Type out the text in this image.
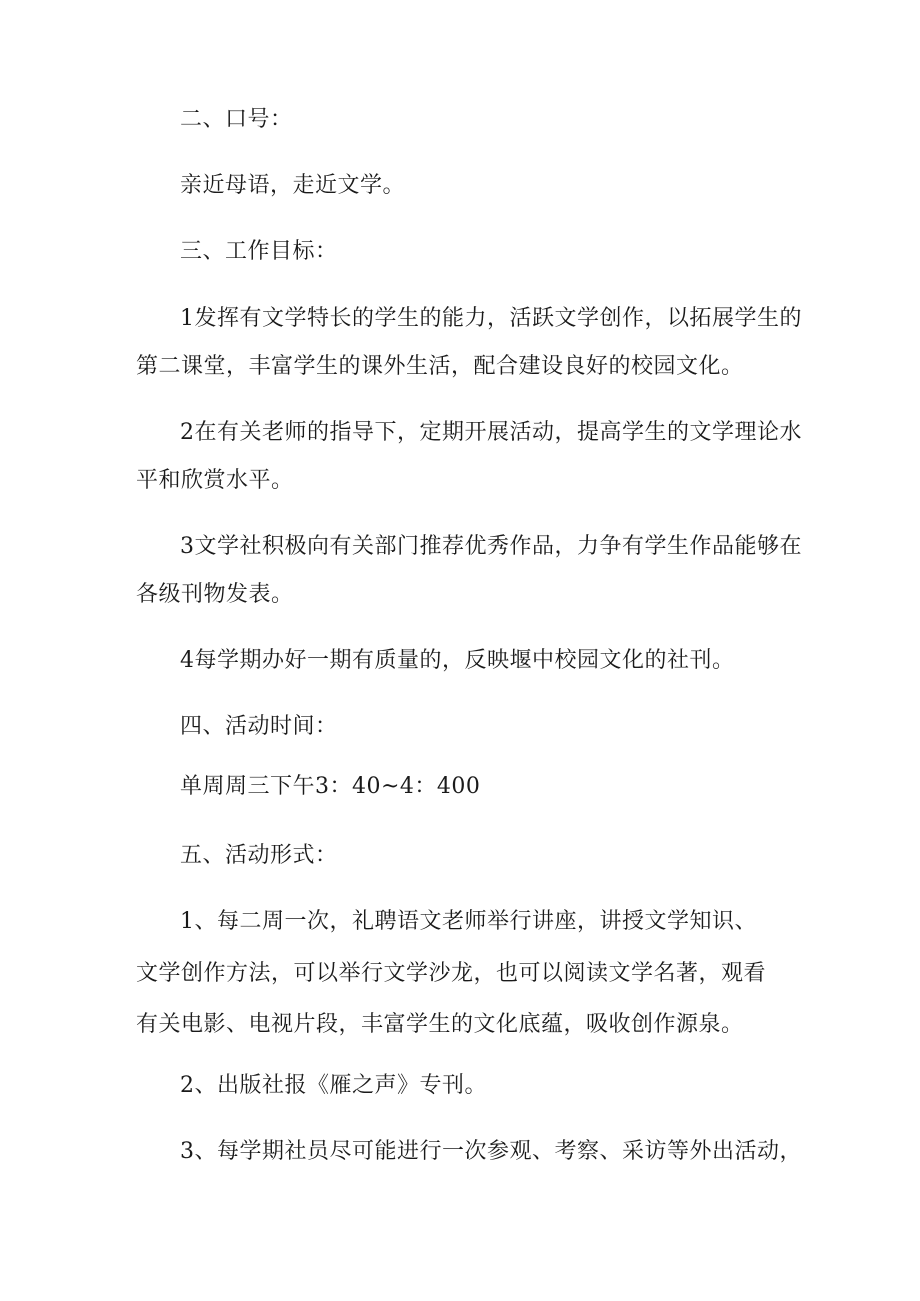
二、口号：
亲近母语，走近文学。
三、工作目标：
1发挥有文学特长的学生的能力，活跃文学创作，以拓展学生的
第二课堂，丰富学生的课外生活，配合建设良好的校园文化。
2在有关老师的指导下，定期开展活动，提高学生的文学理论水
平和欣赏水平。
3文学社积极向有关部门推荐优秀作品，力争有学生作品能够在
各级刊物发表。
4每学期办好一期有质量的，反映堰中校园文化的社刊。
四、活动时间：
单周周三下午3：40~4：400
五、活动形式：
1、每二周一次，礼聘语文老师举行讲座，讲授文学知识、
文学创作方法，可以举行文学沙龙，也可以阅读文学名著，观看
有关电影、电视片段，丰富学生的文化底蕴，吸收创作源泉。
2、出版社报《雁之声》专刊。
3、每学期社员尽可能进行一次参观、考察、采访等外出活动，
